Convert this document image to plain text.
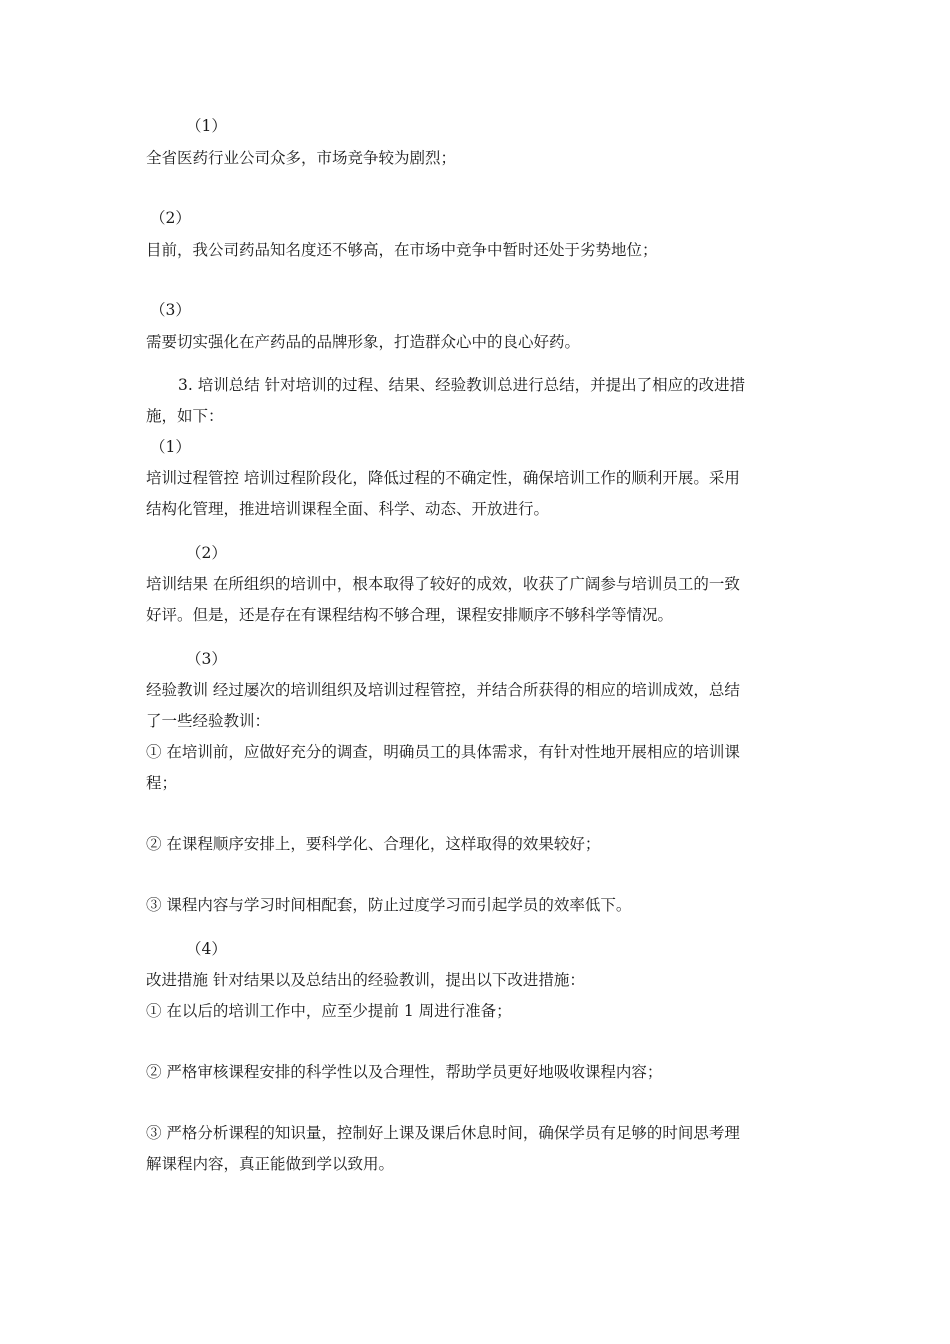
（1）

全省医药行业公司众多，市场竞争较为剧烈；

（2）

目前，我公司药品知名度还不够高，在市场中竞争中暂时还处于劣势地位；

（3）

需要切实强化在产药品的品牌形象，打造群众心中的良心好药。

3. 培训总结 针对培训的过程、结果、经验教训总进行总结，并提出了相应的改进措

施，如下：

（1）

培训过程管控 培训过程阶段化，降低过程的不确定性，确保培训工作的顺利开展。采用

结构化管理，推进培训课程全面、科学、动态、开放进行。

（2）

培训结果 在所组织的培训中，根本取得了较好的成效，收获了广阔参与培训员工的一致

好评。但是，还是存在有课程结构不够合理，课程安排顺序不够科学等情况。

（3）

经验教训 经过屡次的培训组织及培训过程管控，并结合所获得的相应的培训成效，总结

了一些经验教训：

① 在培训前，应做好充分的调查，明确员工的具体需求，有针对性地开展相应的培训课

程；

② 在课程顺序安排上，要科学化、合理化，这样取得的效果较好；

③ 课程内容与学习时间相配套，防止过度学习而引起学员的效率低下。

（4）

改进措施 针对结果以及总结出的经验教训，提出以下改进措施：

① 在以后的培训工作中，应至少提前 1 周进行准备；

② 严格审核课程安排的科学性以及合理性，帮助学员更好地吸收课程内容；

③ 严格分析课程的知识量，控制好上课及课后休息时间，确保学员有足够的时间思考理

解课程内容，真正能做到学以致用。
